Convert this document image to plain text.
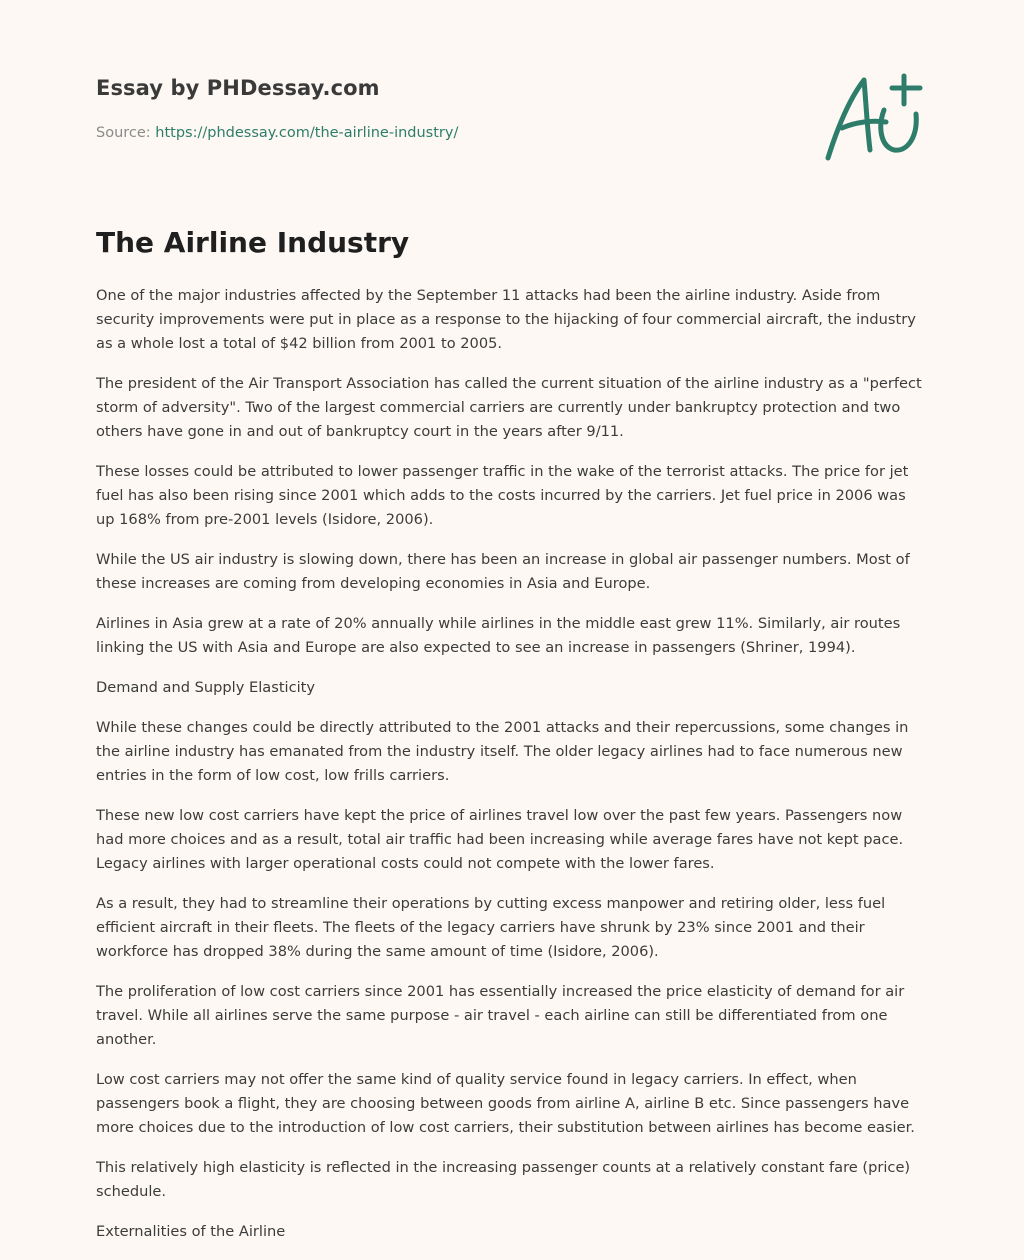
Essay by PHDessay.com
Source: https://phdessay.com/the-airline-industry/
The Airline Industry

One of the major industries affected by the September 11 attacks had been the airline industry. Aside from security improvements were put in place as a response to the hijacking of four commercial aircraft, the industry as a whole lost a total of $42 billion from 2001 to 2005.

The president of the Air Transport Association has called the current situation of the airline industry as a "perfect storm of adversity". Two of the largest commercial carriers are currently under bankruptcy protection and two others have gone in and out of bankruptcy court in the years after 9/11.

These losses could be attributed to lower passenger traffic in the wake of the terrorist attacks. The price for jet fuel has also been rising since 2001 which adds to the costs incurred by the carriers. Jet fuel price in 2006 was up 168% from pre-2001 levels (Isidore, 2006).

While the US air industry is slowing down, there has been an increase in global air passenger numbers. Most of these increases are coming from developing economies in Asia and Europe.

Airlines in Asia grew at a rate of 20% annually while airlines in the middle east grew 11%. Similarly, air routes linking the US with Asia and Europe are also expected to see an increase in passengers (Shriner, 1994).

Demand and Supply Elasticity

While these changes could be directly attributed to the 2001 attacks and their repercussions, some changes in the airline industry has emanated from the industry itself. The older legacy airlines had to face numerous new entries in the form of low cost, low frills carriers.

These new low cost carriers have kept the price of airlines travel low over the past few years. Passengers now had more choices and as a result, total air traffic had been increasing while average fares have not kept pace. Legacy airlines with larger operational costs could not compete with the lower fares.

As a result, they had to streamline their operations by cutting excess manpower and retiring older, less fuel efficient aircraft in their fleets. The fleets of the legacy carriers have shrunk by 23% since 2001 and their workforce has dropped 38% during the same amount of time (Isidore, 2006).

The proliferation of low cost carriers since 2001 has essentially increased the price elasticity of demand for air travel. While all airlines serve the same purpose - air travel - each airline can still be differentiated from one another.

Low cost carriers may not offer the same kind of quality service found in legacy carriers. In effect, when passengers book a flight, they are choosing between goods from airline A, airline B etc. Since passengers have more choices due to the introduction of low cost carriers, their substitution between airlines has become easier.

This relatively high elasticity is reflected in the increasing passenger counts at a relatively constant fare (price) schedule.

Externalities of the Airline
